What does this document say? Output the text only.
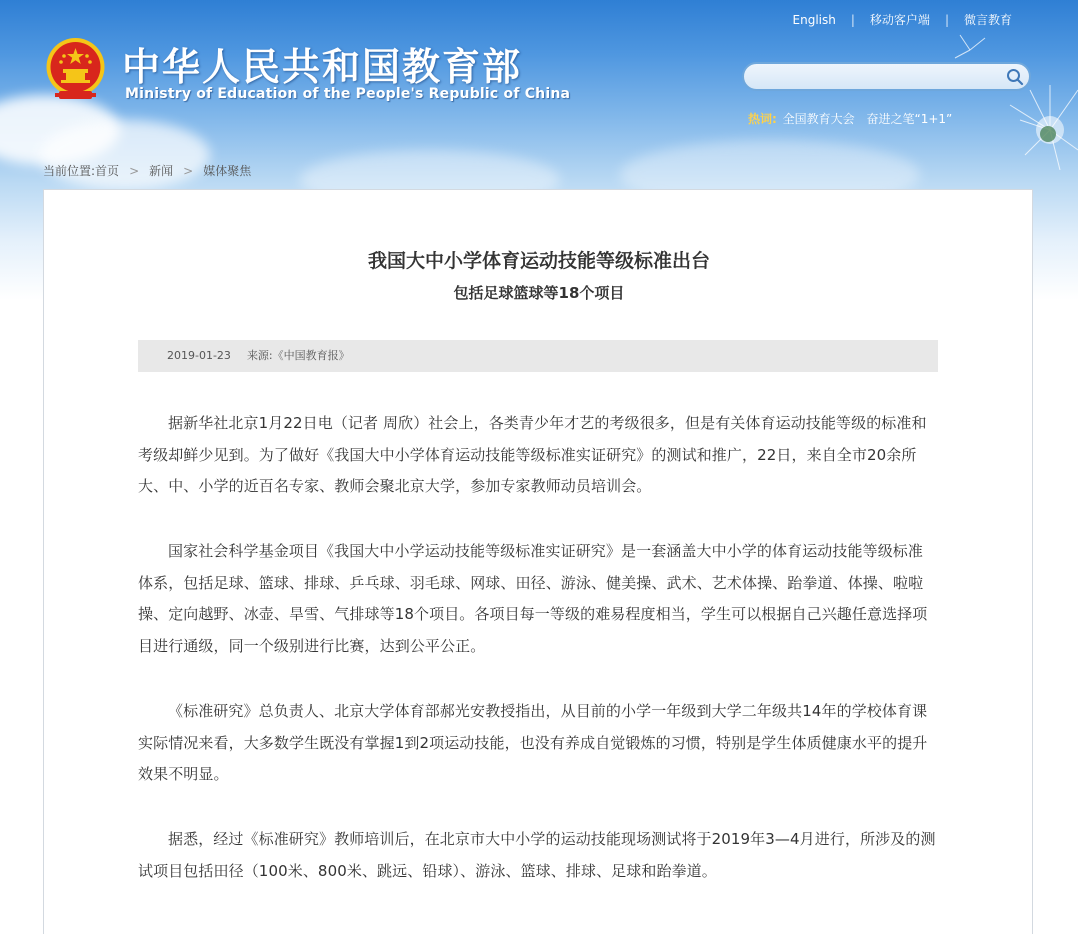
English | 移动客户端 | 微言教育
中华人民共和国教育部
Ministry of Education of the People's Republic of China
热词: 全国教育大会 奋进之笔“1+1”
当前位置:首页 > 新闻 > 媒体聚焦
我国大中小学体育运动技能等级标准出台
包括足球篮球等18个项目
2019-01-23 来源:《中国教育报》

据新华社北京1月22日电（记者 周欣）社会上，各类青少年才艺的考级很多，但是有关体育运动技能等级的标准和考级却鲜少见到。为了做好《我国大中小学体育运动技能等级标准实证研究》的测试和推广，22日，来自全市20余所大、中、小学的近百名专家、教师会聚北京大学，参加专家教师动员培训会。

国家社会科学基金项目《我国大中小学运动技能等级标准实证研究》是一套涵盖大中小学的体育运动技能等级标准体系，包括足球、篮球、排球、乒乓球、羽毛球、网球、田径、游泳、健美操、武术、艺术体操、跆拳道、体操、啦啦操、定向越野、冰壶、旱雪、气排球等18个项目。各项目每一等级的难易程度相当，学生可以根据自己兴趣任意选择项目进行通级，同一个级别进行比赛，达到公平公正。

《标准研究》总负责人、北京大学体育部郝光安教授指出，从目前的小学一年级到大学二年级共14年的学校体育课实际情况来看，大多数学生既没有掌握1到2项运动技能，也没有养成自觉锻炼的习惯，特别是学生体质健康水平的提升效果不明显。

据悉，经过《标准研究》教师培训后，在北京市大中小学的运动技能现场测试将于2019年3—4月进行，所涉及的测试项目包括田径（100米、800米、跳远、铅球）、游泳、篮球、排球、足球和跆拳道。
